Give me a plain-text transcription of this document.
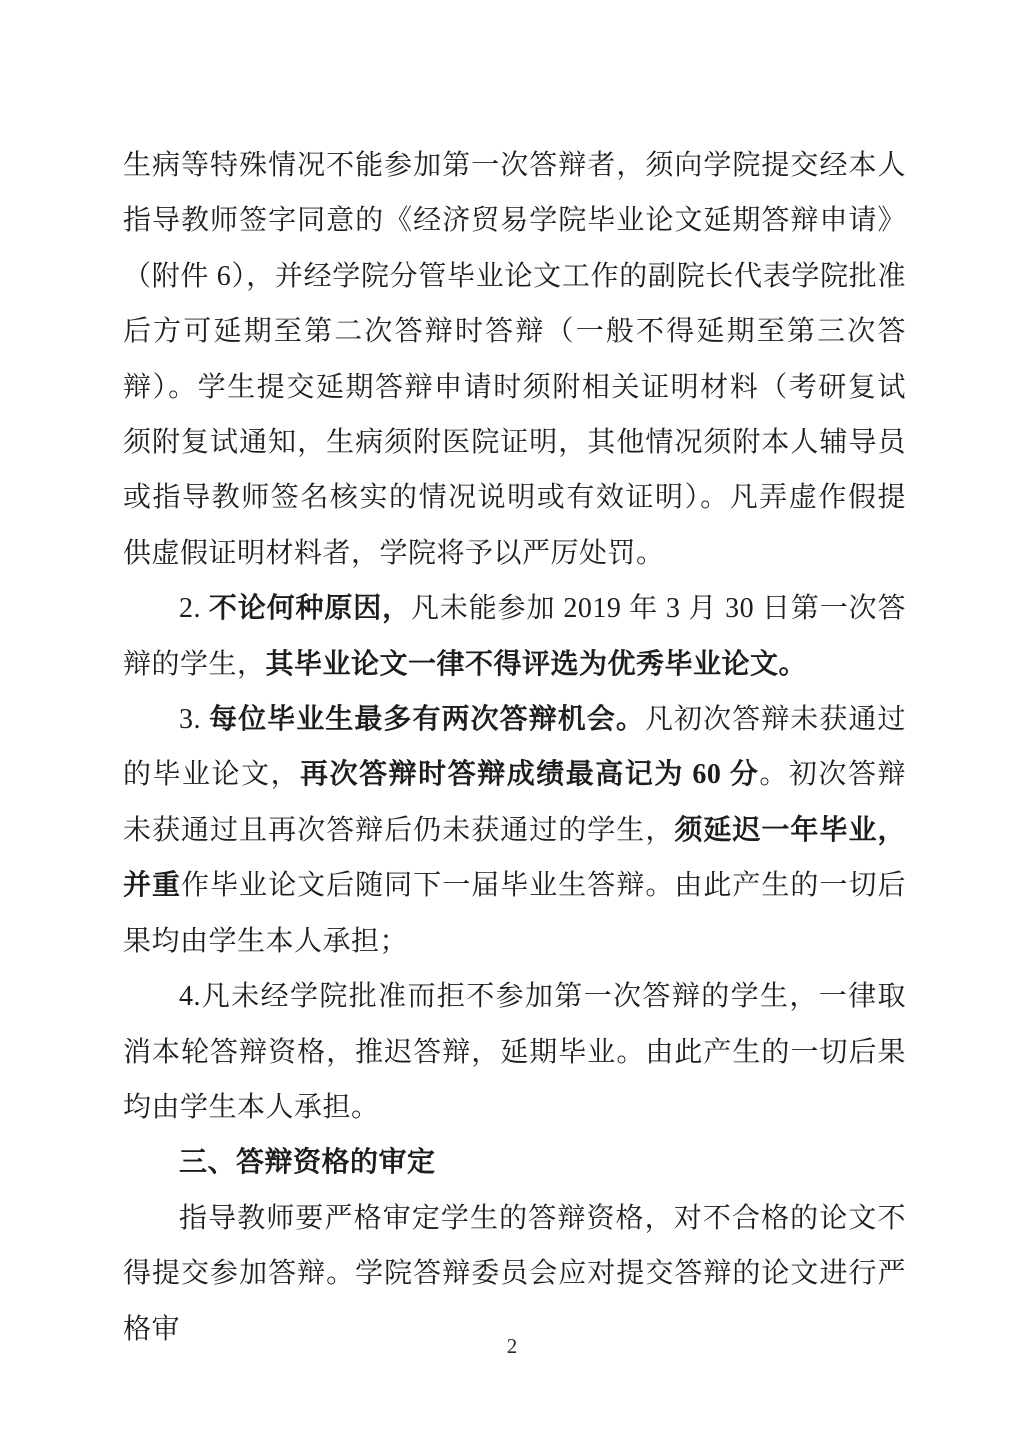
生病等特殊情况不能参加第一次答辩者，须向学院提交经本人指导教师签字同意的《经济贸易学院毕业论文延期答辩申请》（附件 6），并经学院分管毕业论文工作的副院长代表学院批准后方可延期至第二次答辩时答辩（一般不得延期至第三次答辩）。学生提交延期答辩申请时须附相关证明材料（考研复试须附复试通知，生病须附医院证明，其他情况须附本人辅导员或指导教师签名核实的情况说明或有效证明）。凡弄虚作假提供虚假证明材料者，学院将予以严厉处罚。

2. 不论何种原因，凡未能参加 2019 年 3 月 30 日第一次答辩的学生，其毕业论文一律不得评选为优秀毕业论文。

3. 每位毕业生最多有两次答辩机会。凡初次答辩未获通过的毕业论文，再次答辩时答辩成绩最高记为 60 分。初次答辩未获通过且再次答辩后仍未获通过的学生，须延迟一年毕业，并重作毕业论文后随同下一届毕业生答辩。由此产生的一切后果均由学生本人承担；

4.凡未经学院批准而拒不参加第一次答辩的学生，一律取消本轮答辩资格，推迟答辩，延期毕业。由此产生的一切后果均由学生本人承担。

三、答辩资格的审定

指导教师要严格审定学生的答辩资格，对不合格的论文不得提交参加答辩。学院答辩委员会应对提交答辩的论文进行严格审

2
